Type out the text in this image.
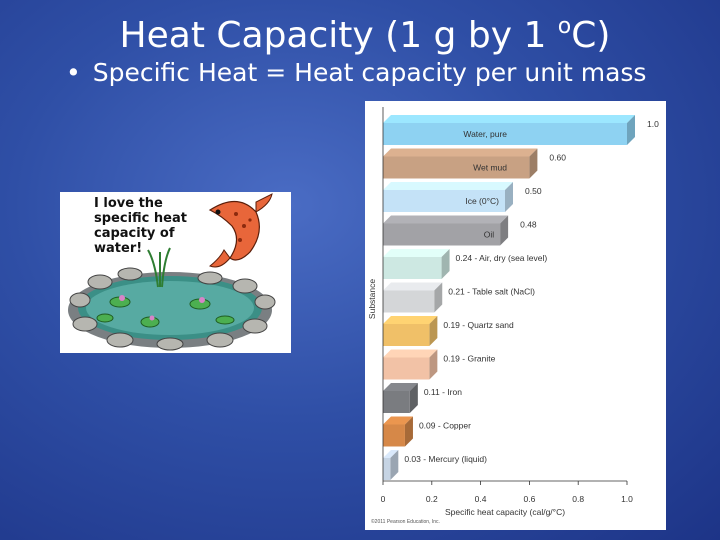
Heat Capacity (1 g by 1 $^o$C)
• Specific Heat = Heat capacity per unit mass
I love the specific heat capacity of water!
Water, pure
1.0
Wet mud
0.60
Ice (0°C)
0.50
Oil
0.48
0.24 - Air, dry (sea level)
0.21 - Table salt (NaCl)
0.19 - Quartz sand
0.19 - Granite
0.11 - Iron
0.09 - Copper
0.03 - Mercury (liquid)
0	0.2	0.4	0.6	0.8	1.0
Substance
Specific heat capacity (cal/g/°C)
©2011 Pearson Education, Inc.
